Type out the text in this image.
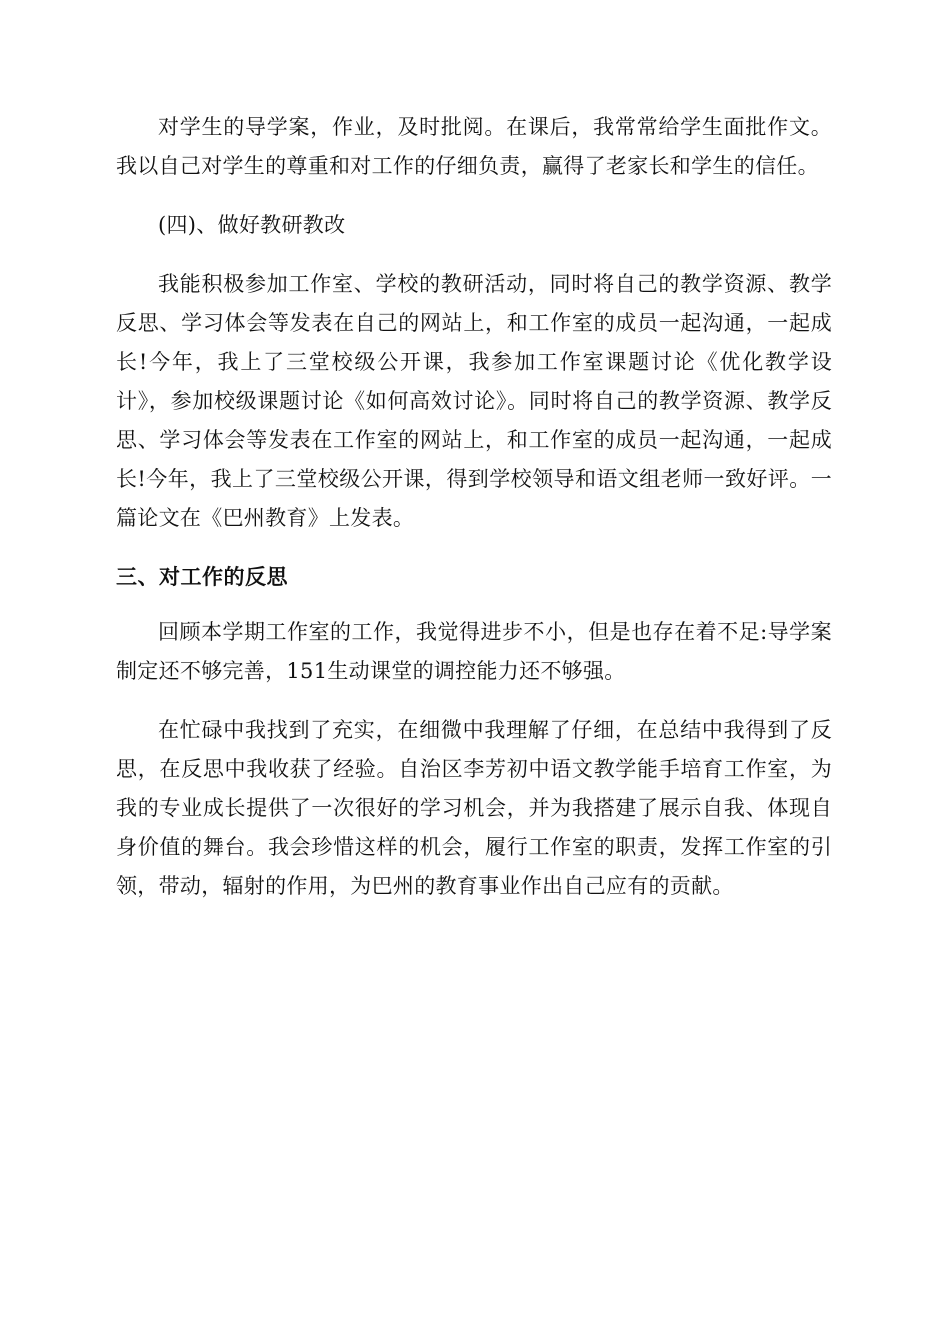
对学生的导学案，作业，及时批阅。在课后，我常常给学生面批作文。我以自己对学生的尊重和对工作的仔细负责，赢得了老家长和学生的信任。

(四)、做好教研教改

我能积极参加工作室、学校的教研活动，同时将自己的教学资源、教学反思、学习体会等发表在自己的网站上，和工作室的成员一起沟通，一起成长!今年，我上了三堂校级公开课，我参加工作室课题讨论《优化教学设计》，参加校级课题讨论《如何高效讨论》。同时将自己的教学资源、教学反思、学习体会等发表在工作室的网站上，和工作室的成员一起沟通，一起成长!今年，我上了三堂校级公开课，得到学校领导和语文组老师一致好评。一篇论文在《巴州教育》上发表。

三、对工作的反思

回顾本学期工作室的工作，我觉得进步不小，但是也存在着不足:导学案制定还不够完善，151生动课堂的调控能力还不够强。

在忙碌中我找到了充实，在细微中我理解了仔细，在总结中我得到了反思，在反思中我收获了经验。自治区李芳初中语文教学能手培育工作室，为我的专业成长提供了一次很好的学习机会，并为我搭建了展示自我、体现自身价值的舞台。我会珍惜这样的机会，履行工作室的职责，发挥工作室的引领，带动，辐射的作用，为巴州的教育事业作出自己应有的贡献。
